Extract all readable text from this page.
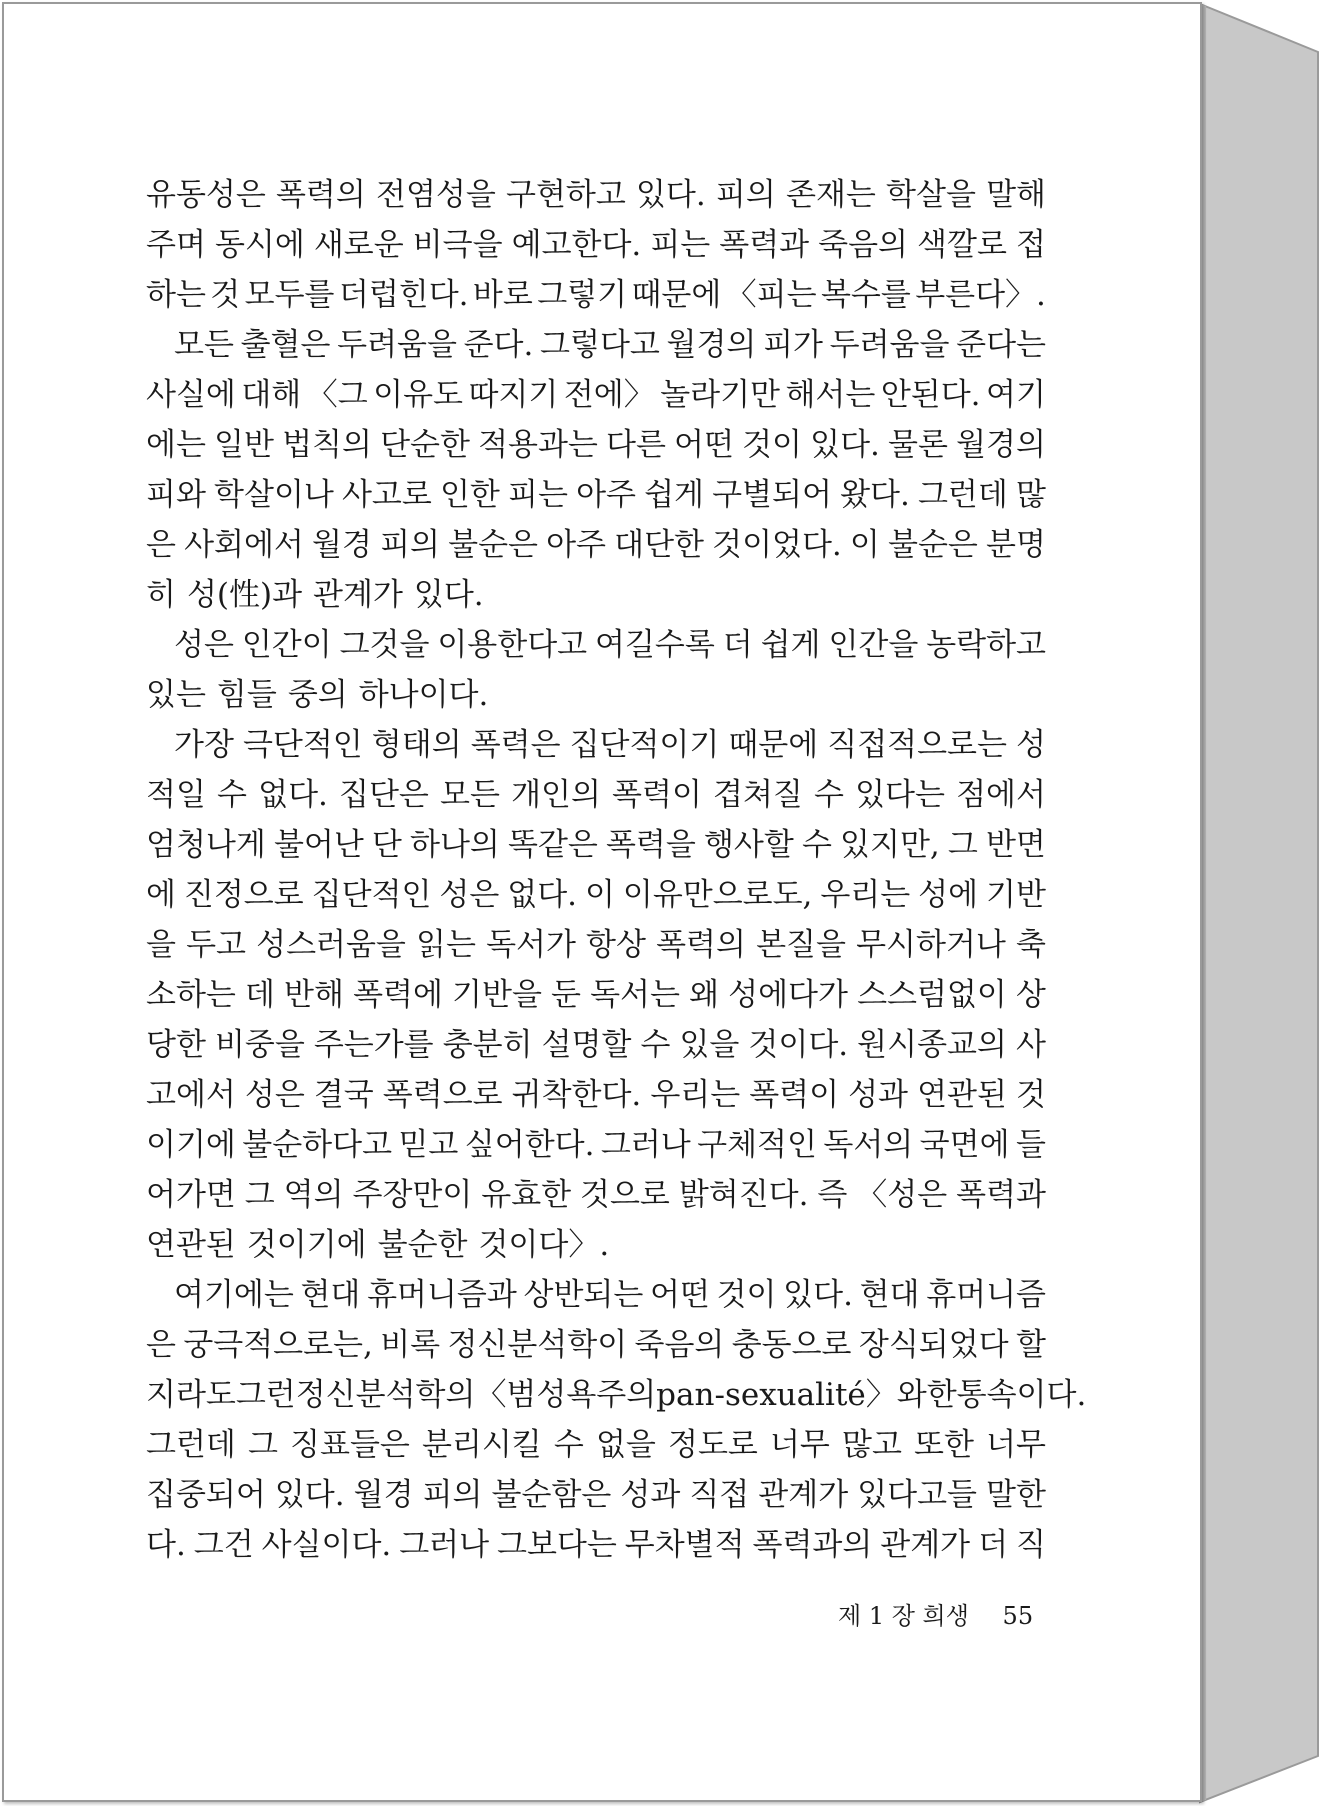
유동성은 폭력의 전염성을 구현하고 있다. 피의 존재는 학살을 말해
주며 동시에 새로운 비극을 예고한다. 피는 폭력과 죽음의 색깔로 접
하는 것 모두를 더럽힌다. 바로 그렇기 때문에 〈피는 복수를 부른다〉.
모든 출혈은 두려움을 준다. 그렇다고 월경의 피가 두려움을 준다는
사실에 대해 〈그 이유도 따지기 전에〉 놀라기만 해서는 안된다. 여기
에는 일반 법칙의 단순한 적용과는 다른 어떤 것이 있다. 물론 월경의
피와 학살이나 사고로 인한 피는 아주 쉽게 구별되어 왔다. 그런데 많
은 사회에서 월경 피의 불순은 아주 대단한 것이었다. 이 불순은 분명
히 성(性)과 관계가 있다.
성은 인간이 그것을 이용한다고 여길수록 더 쉽게 인간을 농락하고
있는 힘들 중의 하나이다.
가장 극단적인 형태의 폭력은 집단적이기 때문에 직접적으로는 성
적일 수 없다. 집단은 모든 개인의 폭력이 겹쳐질 수 있다는 점에서
엄청나게 불어난 단 하나의 똑같은 폭력을 행사할 수 있지만, 그 반면
에 진정으로 집단적인 성은 없다. 이 이유만으로도, 우리는 성에 기반
을 두고 성스러움을 읽는 독서가 항상 폭력의 본질을 무시하거나 축
소하는 데 반해 폭력에 기반을 둔 독서는 왜 성에다가 스스럼없이 상
당한 비중을 주는가를 충분히 설명할 수 있을 것이다. 원시종교의 사
고에서 성은 결국 폭력으로 귀착한다. 우리는 폭력이 성과 연관된 것
이기에 불순하다고 믿고 싶어한다. 그러나 구체적인 독서의 국면에 들
어가면 그 역의 주장만이 유효한 것으로 밝혀진다. 즉 〈성은 폭력과
연관된 것이기에 불순한 것이다〉.
여기에는 현대 휴머니즘과 상반되는 어떤 것이 있다. 현대 휴머니즘
은 궁극적으로는, 비록 정신분석학이 죽음의 충동으로 장식되었다 할
지라도 그런 정신분석학의 〈범성욕주의 pan-sexualité〉와 한 통속이다.
그런데 그 징표들은 분리시킬 수 없을 정도로 너무 많고 또한 너무
집중되어 있다. 월경 피의 불순함은 성과 직접 관계가 있다고들 말한
다. 그건 사실이다. 그러나 그보다는 무차별적 폭력과의 관계가 더 직
제 1 장 희생 55
